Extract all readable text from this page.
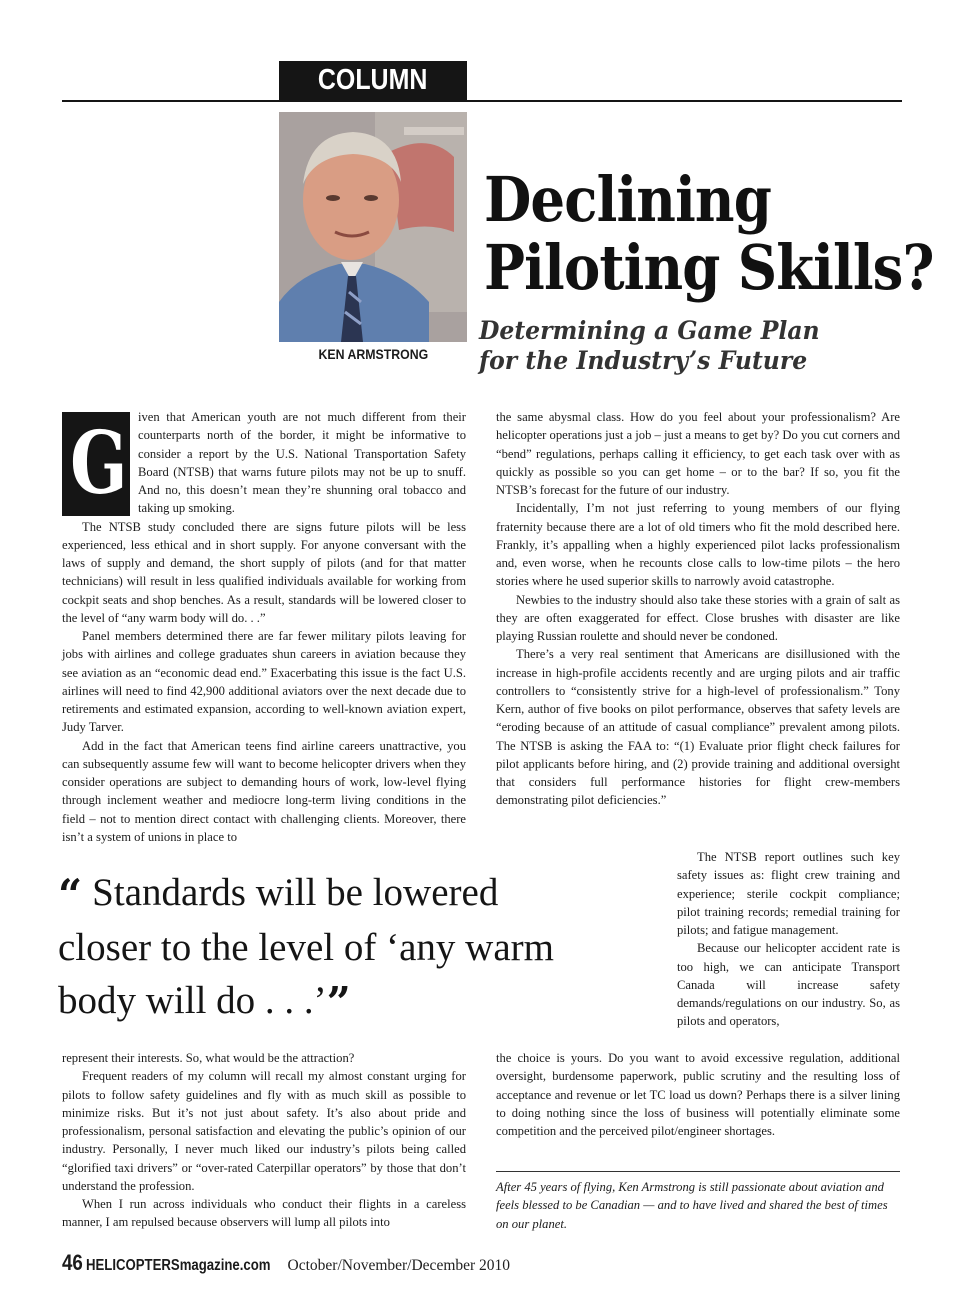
COLUMN
KEN ARMSTRONG
Declining
Piloting Skills?
Determining a Game Plan
for the Industry’s Future
G iven that American youth are not much different from their counterparts north of the border, it might be informative to consider a report by the U.S. National Transportation Safety Board (NTSB) that warns future pilots may not be up to snuff. And no, this doesn’t mean they’re shunning oral tobacco and taking up smoking.

The NTSB study concluded there are signs future pilots will be less experienced, less ethical and in short supply. For anyone conversant with the laws of supply and demand, the short supply of pilots (and for that matter technicians) will result in less qualified individuals available for working from cockpit seats and shop benches. As a result, standards will be lowered closer to the level of “any warm body will do. . .”

Panel members determined there are far fewer military pilots leaving for jobs with airlines and college graduates shun careers in aviation because they see aviation as an “economic dead end.” Exacerbating this issue is the fact U.S. airlines will need to find 42,900 additional aviators over the next decade due to retirements and estimated expansion, according to well-known aviation expert, Judy Tarver.

Add in the fact that American teens find airline careers unattractive, you can subsequently assume few will want to become helicopter drivers when they consider operations are subject to demanding hours of work, low-level flying through inclement weather and mediocre long-term living conditions in the field – not to mention direct contact with challenging clients. Moreover, there isn’t a system of unions in place to

“ Standards will be lowered closer to the level of ‘any warm body will do . . .’”

represent their interests. So, what would be the attraction?

Frequent readers of my column will recall my almost constant urging for pilots to follow safety guidelines and fly with as much skill as possible to minimize risks. But it’s not just about safety. It’s also about pride and professionalism, personal satisfaction and elevating the public’s opinion of our industry. Personally, I never much liked our industry’s pilots being called “glorified taxi drivers” or “over-rated Caterpillar operators” by those that don’t understand the profession.

When I run across individuals who conduct their flights in a careless manner, I am repulsed because observers will lump all pilots into

the same abysmal class. How do you feel about your professionalism? Are helicopter operations just a job – just a means to get by? Do you cut corners and “bend” regulations, perhaps calling it efficiency, to get each task over with as quickly as possible so you can get home – or to the bar? If so, you fit the NTSB’s forecast for the future of our industry.

Incidentally, I’m not just referring to young members of our flying fraternity because there are a lot of old timers who fit the mold described here. Frankly, it’s appalling when a highly experienced pilot lacks professionalism and, even worse, when he recounts close calls to low-time pilots – the hero stories where he used superior skills to narrowly avoid catastrophe.

Newbies to the industry should also take these stories with a grain of salt as they are often exaggerated for effect. Close brushes with disaster are like playing Russian roulette and should never be condoned.

There’s a very real sentiment that Americans are disillusioned with the increase in high-profile accidents recently and are urging pilots and air traffic controllers to “consistently strive for a high-level of professionalism.” Tony Kern, author of five books on pilot performance, observes that safety levels are “eroding because of an attitude of casual compliance” prevalent among pilots. The NTSB is asking the FAA to: “(1) Evaluate prior flight check failures for pilot applicants before hiring, and (2) provide training and additional oversight that considers full performance histories for flight crew-members demonstrating pilot deficiencies.”

The NTSB report outlines such key safety issues as: flight crew training and experience; sterile cockpit compliance; pilot training records; remedial training for pilots; and fatigue management.

Because our helicopter accident rate is too high, we can anticipate Transport Canada will increase safety demands/regulations on our industry. So, as pilots and operators,

the choice is yours. Do you want to avoid excessive regulation, additional oversight, burdensome paperwork, public scrutiny and the resulting loss of acceptance and revenue or let TC load us down? Perhaps there is a silver lining to doing nothing since the loss of business will potentially eliminate some competition and the perceived pilot/engineer shortages.

After 45 years of flying, Ken Armstrong is still passionate about aviation and feels blessed to be Canadian — and to have lived and shared the best of times on our planet.

46 HELICOPTERSmagazine.com October/November/December 2010
